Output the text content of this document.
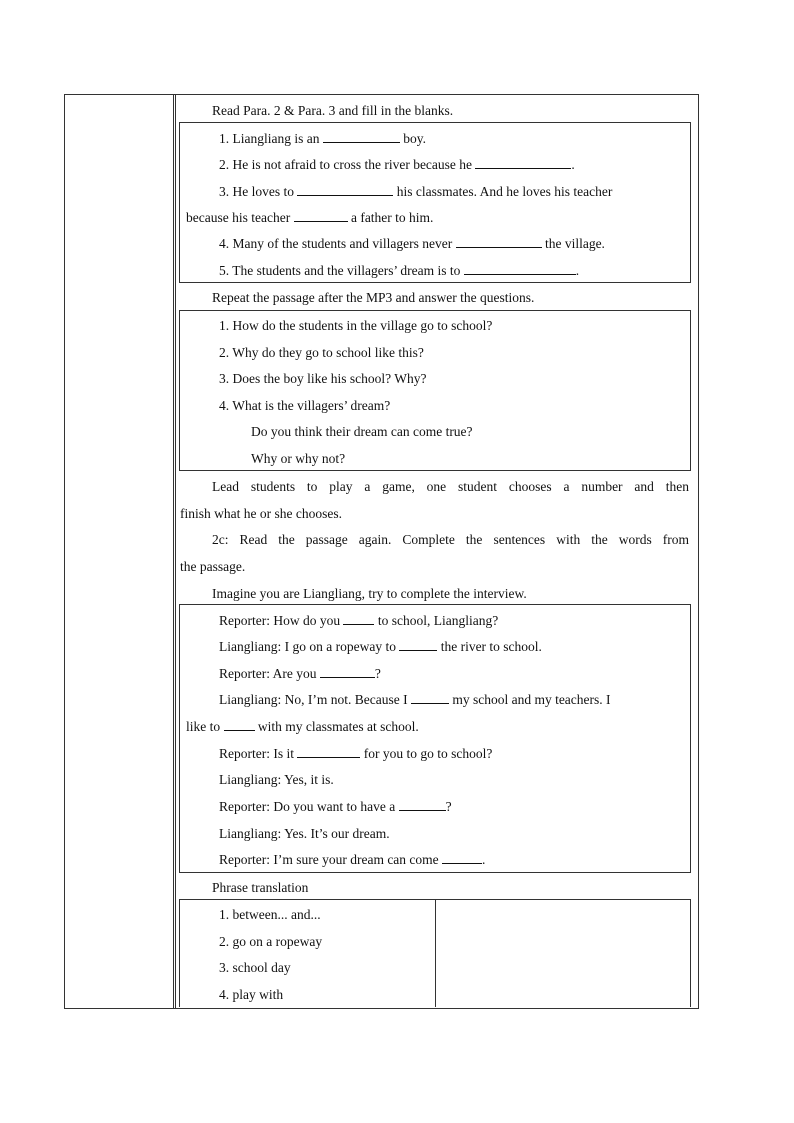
Read Para. 2 & Para. 3 and fill in the blanks.
1. Liangliang is an	boy.
2. He is not afraid to cross the river because he	.
3. He loves to	his classmates. And he loves his teacher
because his teacher	a father to him.
4. Many of the students and villagers never	the village.
5. The students and the villagers’ dream is to	.
Repeat the passage after the MP3 and answer the questions.
1. How do the students in the village go to school?
2. Why do they go to school like this?
3. Does the boy like his school? Why?
4. What is the villagers’ dream?
Do you think their dream can come true?
Why or why not?
Lead students to play a game, one student chooses a number and then
finish what he or she chooses.
2c: Read the passage again. Complete the sentences with the words from
the passage.
Imagine you are Liangliang, try to complete the interview.
Reporter: How do you  to school, Liangliang?
Liangliang: I go on a ropeway to	the river to school.
Reporter: Are you	?
Liangliang: No, I’m not. Because I	my school and my teachers. I
like to  with my classmates at school.
Reporter: Is it	for you to go to school?
Liangliang: Yes, it is.
Reporter: Do you want to have a	?
Liangliang: Yes. It’s our dream.
Reporter: I’m sure your dream can come	.
Phrase translation
1. between... and...
2. go on a ropeway
3. school day
4. play with
